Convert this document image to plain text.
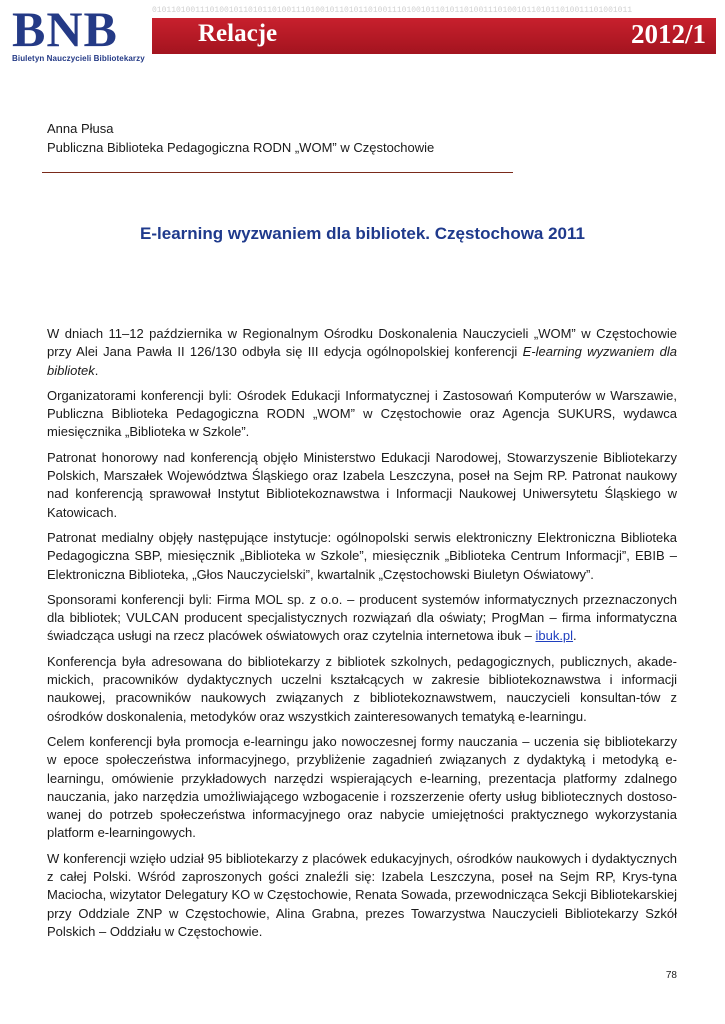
BNB
Biuletyn Nauczycieli Bibliotekarzy
0101101001110100101101011010011101001011010110100111010010110101101001110100101101011010011101001011
Relacje	2012/1
Anna Płusa
Publiczna Biblioteka Pedagogiczna RODN „WOM” w Częstochowie
E-learning wyzwaniem dla bibliotek. Częstochowa 2011

W dniach 11–12 października w Regionalnym Ośrodku Doskonalenia Nauczycieli „WOM” w Częstochowie przy Alei Jana Pawła II 126/130 odbyła się III edycja ogólnopolskiej konferencji E-learning wyzwaniem dla bibliotek.

Organizatorami konferencji byli: Ośrodek Edukacji Informatycznej i Zastosowań Komputerów w Warszawie, Publiczna Biblioteka Pedagogiczna RODN „WOM” w Częstochowie oraz Agencja SUKURS, wydawca miesięcznika „Biblioteka w Szkole”.

Patronat honorowy nad konferencją objęło Ministerstwo Edukacji Narodowej, Stowarzyszenie Bibliotekarzy Polskich, Marszałek Województwa Śląskiego oraz Izabela Leszczyna, poseł na Sejm RP. Patronat naukowy nad konferencją sprawował Instytut Bibliotekoznawstwa i Informacji Naukowej Uniwersytetu Śląskiego w Katowicach.

Patronat medialny objęły następujące instytucje: ogólnopolski serwis elektroniczny Elektroniczna Biblioteka Pedagogiczna SBP, miesięcznik „Biblioteka w Szkole”, miesięcznik „Biblioteka Centrum Informacji”, EBIB – Elektroniczna Biblioteka, „Głos Nauczycielski”, kwartalnik „Częstochowski Biuletyn Oświatowy”.

Sponsorami konferencji byli: Firma MOL sp. z o.o. – producent systemów informatycznych przeznaczonych dla bibliotek; VULCAN producent specjalistycznych rozwiązań dla oświaty; ProgMan – firma informatyczna świadcząca usługi na rzecz placówek oświatowych oraz czytelnia internetowa ibuk – ibuk.pl.

Konferencja była adresowana do bibliotekarzy z bibliotek szkolnych, pedagogicznych, publicznych, akade-mickich, pracowników dydaktycznych uczelni kształcących w zakresie bibliotekoznawstwa i informacji naukowej, pracowników naukowych związanych z bibliotekoznawstwem, nauczycieli konsultan-tów z ośrodków doskonalenia, metodyków oraz wszystkich zainteresowanych tematyką e-learningu.

Celem konferencji była promocja e-learningu jako nowoczesnej formy nauczania – uczenia się bibliotekarzy w epoce społeczeństwa informacyjnego, przybliżenie zagadnień związanych z dydaktyką i metodyką e-learningu, omówienie przykładowych narzędzi wspierających e-learning, prezentacja platformy zdalnego nauczania, jako narzędzia umożliwiającego wzbogacenie i rozszerzenie oferty usług bibliotecznych dostoso-wanej do potrzeb społeczeństwa informacyjnego oraz nabycie umiejętności praktycznego wykorzystania platform e-learningowych.

W konferencji wzięło udział 95 bibliotekarzy z placówek edukacyjnych, ośrodków naukowych i dydaktycznych z całej Polski. Wśród zaproszonych gości znaleźli się: Izabela Leszczyna, poseł na Sejm RP, Krys-tyna Maciocha, wizytator Delegatury KO w Częstochowie, Renata Sowada, przewodnicząca Sekcji Bibliotekarskiej przy Oddziale ZNP w Częstochowie, Alina Grabna, prezes Towarzystwa Nauczycieli Bibliotekarzy Szkół Polskich – Oddziału w Częstochowie.

78
